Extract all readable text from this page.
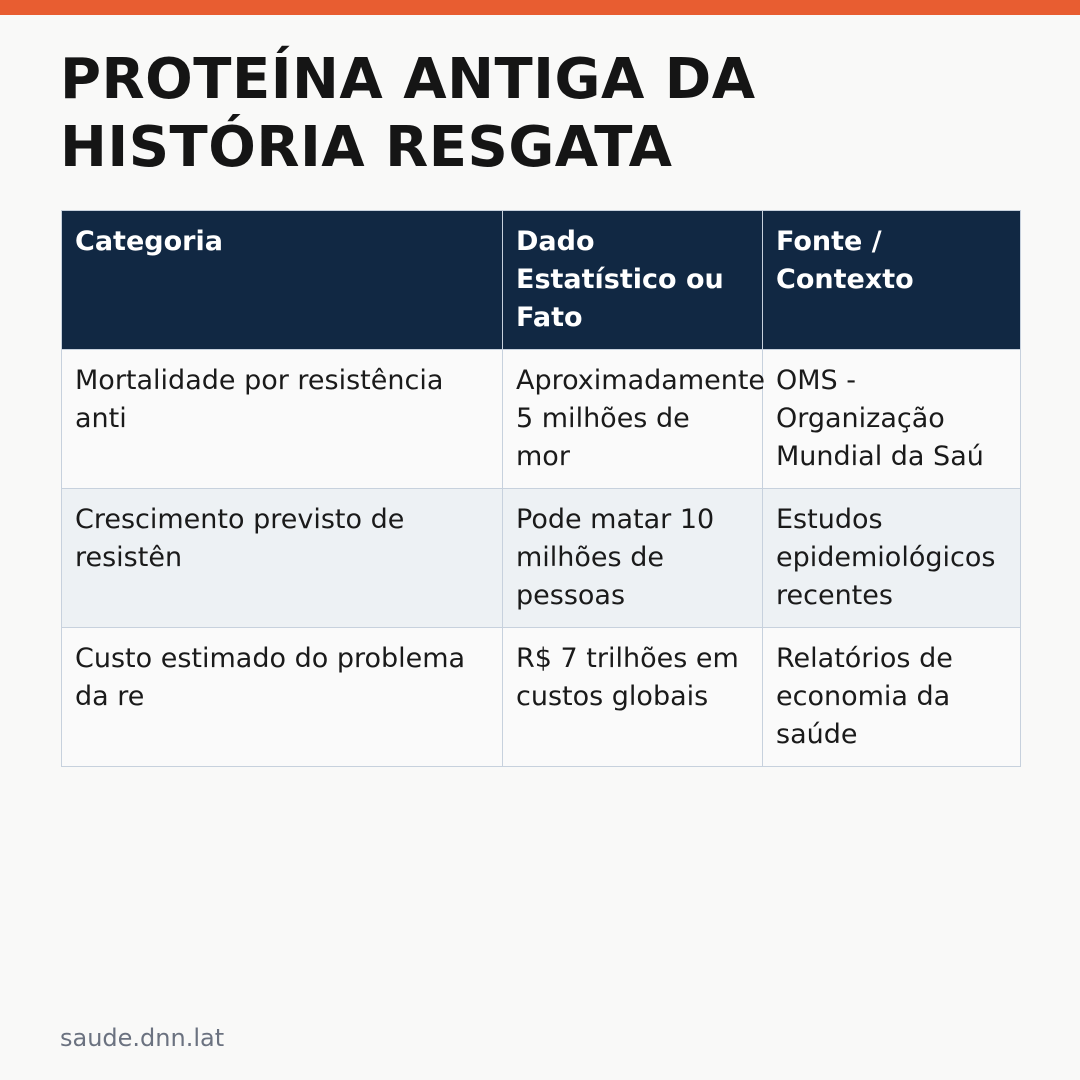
PROTEÍNA ANTIGA DA
HISTÓRIA RESGATA
Categoria	Dado Estatístico ou Fato	Fonte / Contexto
Mortalidade por resistência anti	Aproximadamente 5 milhões de mor	OMS - Organização Mundial da Saú
Crescimento previsto de resistên	Pode matar 10 milhões de pessoas	Estudos epidemiológicos recentes
Custo estimado do problema da re	R$ 7 trilhões em custos globais	Relatórios de economia da saúde
saude.dnn.lat
